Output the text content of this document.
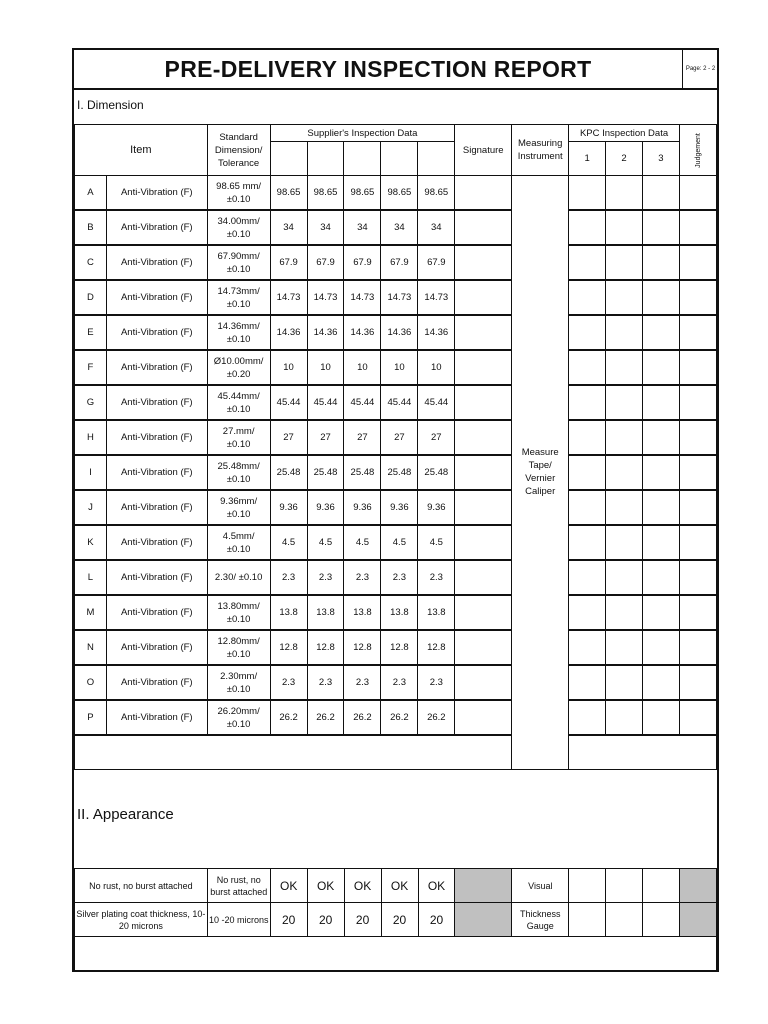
PRE-DELIVERY INSPECTION REPORT	Page: 2 - 2
I. Dimension
Item		Standard Dimension/ Tolerance	Supplier's Inspection Data					Signature	Measuring Instrument	KPC Inspection Data			Judgement
										1	2	3	
A	Anti-Vibration (F)	98.65 mm/
±0.10	98.65	98.65	98.65	98.65	98.65		Measure Tape/ Vernier Caliper				
B	Anti-Vibration (F)	34.00mm/
±0.10	34	34	34	34	34						
C	Anti-Vibration (F)	67.90mm/
±0.10	67.9	67.9	67.9	67.9	67.9						
D	Anti-Vibration (F)	14.73mm/
±0.10	14.73	14.73	14.73	14.73	14.73						
E	Anti-Vibration (F)	14.36mm/
±0.10	14.36	14.36	14.36	14.36	14.36						
F	Anti-Vibration (F)	Ø10.00mm/
±0.20	10	10	10	10	10						
G	Anti-Vibration (F)	45.44mm/
±0.10	45.44	45.44	45.44	45.44	45.44						
H	Anti-Vibration (F)	27.mm/
±0.10	27	27	27	27	27						
I	Anti-Vibration (F)	25.48mm/
±0.10	25.48	25.48	25.48	25.48	25.48						
J	Anti-Vibration (F)	9.36mm/
±0.10	9.36	9.36	9.36	9.36	9.36						
K	Anti-Vibration (F)	4.5mm/
±0.10	4.5	4.5	4.5	4.5	4.5						
L	Anti-Vibration (F)	2.30/ ±0.10	2.3	2.3	2.3	2.3	2.3						
M	Anti-Vibration (F)	13.80mm/
±0.10	13.8	13.8	13.8	13.8	13.8						
N	Anti-Vibration (F)	12.80mm/
±0.10	12.8	12.8	12.8	12.8	12.8						
O	Anti-Vibration (F)	2.30mm/
±0.10	2.3	2.3	2.3	2.3	2.3						
P	Anti-Vibration (F)	26.20mm/
±0.10	26.2	26.2	26.2	26.2	26.2						

II. Appearance
No rust, no burst attached	No rust, no burst attached	OK	OK	OK	OK	OK		Visual				
Silver plating coat thickness, 10-20 microns	10 -20 microns	20	20	20	20	20		Thickness Gauge				
